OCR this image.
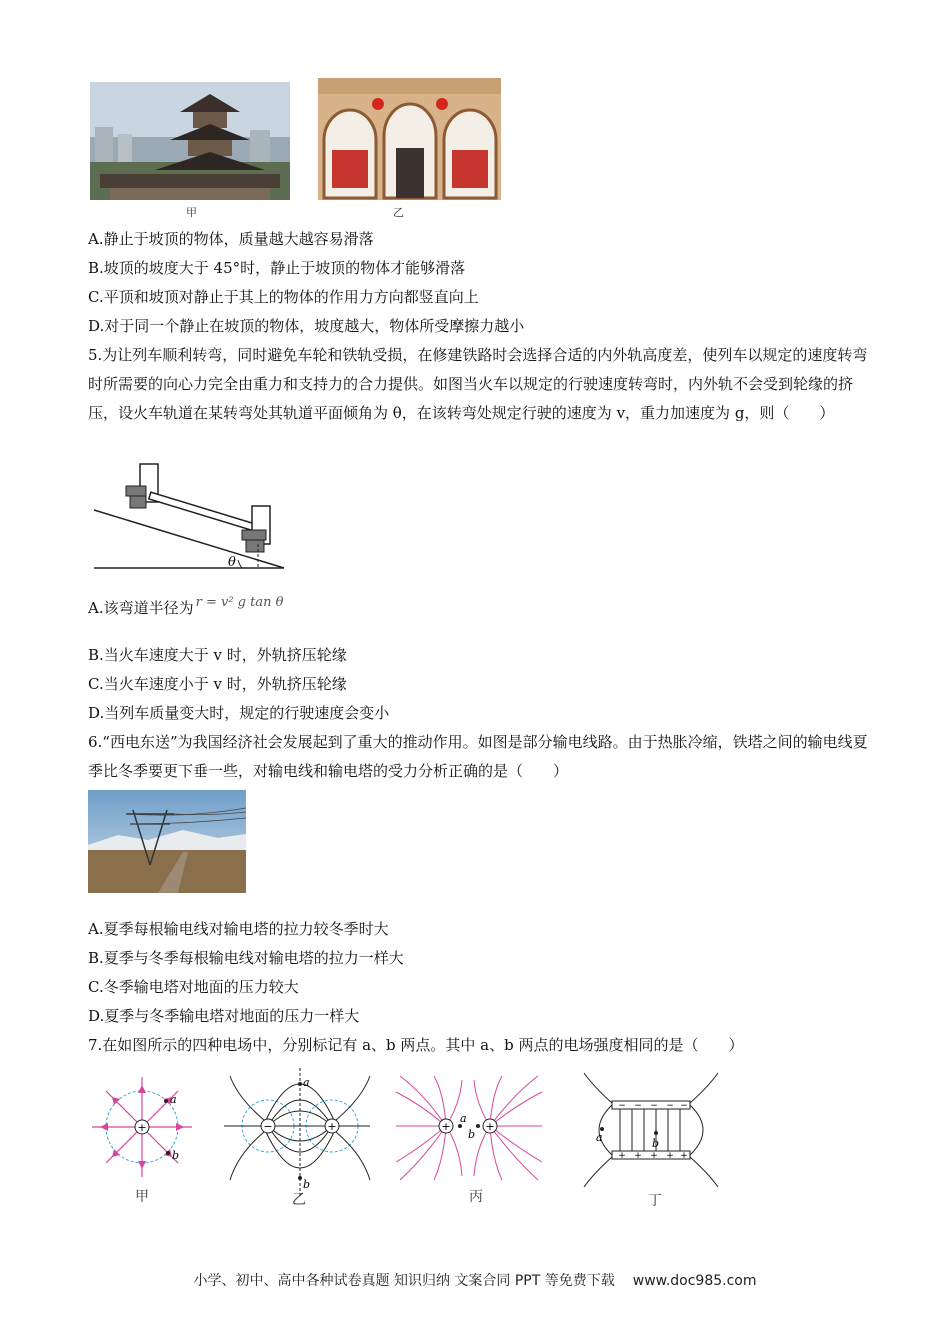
甲	乙
A.静止于坡顶的物体，质量越大越容易滑落
B.坡顶的坡度大于 45°时，静止于坡顶的物体才能够滑落
C.平顶和坡顶对静止于其上的物体的作用力方向都竖直向上
D.对于同一个静止在坡顶的物体，坡度越大，物体所受摩擦力越小
5.为让列车顺利转弯，同时避免车轮和铁轨受损，在修建铁路时会选择合适的内外轨高度差，使列车以规定的速度转弯时所需要的向心力完全由重力和支持力的合力提供。如图当火车以规定的行驶速度转弯时，内外轨不会受到轮缘的挤压，设火车轨道在某转弯处其轨道平面倾角为 θ，在该转弯处规定行驶的速度为 v，重力加速度为 g，则（　　）
θ
A.该弯道半径为 r = v² g tan θ
B.当火车速度大于 v 时，外轨挤压轮缘
C.当火车速度小于 v 时，外轨挤压轮缘
D.当列车质量变大时，规定的行驶速度会变小
6.“西电东送”为我国经济社会发展起到了重大的推动作用。如图是部分输电线路。由于热胀冷缩，铁塔之间的输电线夏季比冬季要更下垂一些，对输电线和输电塔的受力分析正确的是（　　）
A.夏季每根输电线对输电塔的拉力较冬季时大
B.夏季与冬季每根输电线对输电塔的拉力一样大
C.冬季输电塔对地面的压力较大
D.夏季与冬季输电塔对地面的压力一样大
7.在如图所示的四种电场中，分别标记有 a、b 两点。其中 a、b 两点的电场强度相同的是（　　）
+
a
b
甲
−	+
a
b
乙
+	+
a
b
丙
− − − − −
+ + + + +
a	b
丁
小学、初中、高中各种试卷真题 知识归纳 文案合同 PPT 等免费下载 www.doc985.com
